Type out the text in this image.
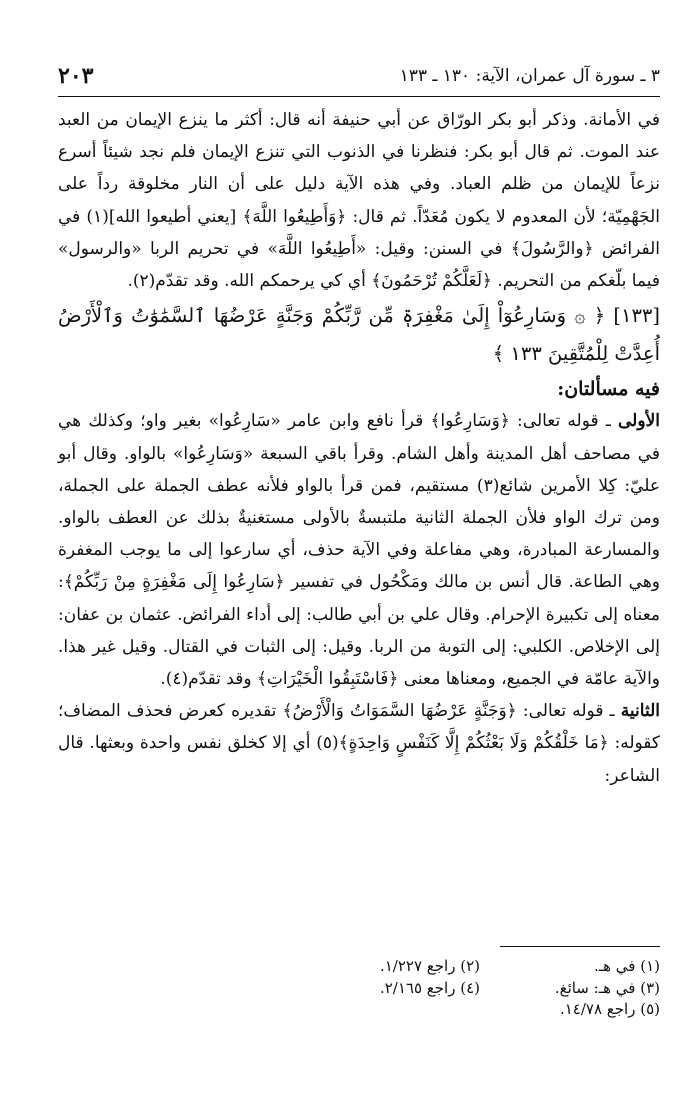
٣ ـ سورة آل عمران، الآية: ١٣٠ ـ ١٣٣
٢٠٣

في الأمانة. وذكر أبو بكر الورّاق عن أبي حنيفة أنه قال: أكثر ما ينزع الإيمان من العبد عند الموت. ثم قال أبو بكر: فنظرنا في الذنوب التي تنزع الإيمان فلم نجد شيئاً أسرع نزعاً للإيمان من ظلم العباد. وفي هذه الآية دليل على أن النار مخلوقة رداً على الجَهْمِيّة؛ لأن المعدوم لا يكون مُعَدّاً. ثم قال: ﴿وَأَطِيعُوا اللَّهَ﴾ [يعني أطيعوا الله](١) في الفرائض ﴿والرَّسُولَ﴾ في السنن: وقيل: «أَطِيعُوا اللَّهَ» في تحريم الربا «والرسول» فيما بلّغكم من التحريم. ﴿لَعَلَّكُمْ تُرْحَمُونَ﴾ أي كي يرحمكم الله. وقد تقدّم(٢).

[١٣٣] ﴿ ۞ وَسَارِعُوٓاْ إِلَىٰ مَغْفِرَةٖ مِّن رَّبِّكُمْ وَجَنَّةٍ عَرْضُهَا ٱلسَّمَٰوَٰتُ وَٱلْأَرْضُ أُعِدَّتْ لِلْمُتَّقِينَ ١٣٣ ﴾

فيه مسألتان:

الأولى ـ قوله تعالى: ﴿وَسَارِعُوا﴾ قرأ نافع وابن عامر «سَارِعُوا» بغير واو؛ وكذلك هي في مصاحف أهل المدينة وأهل الشام. وقرأ باقي السبعة «وَسَارِعُوا» بالواو. وقال أبو عليّ: كِلا الأمرين شائع(٣) مستقيم، فمن قرأ بالواو فلأنه عطف الجملة على الجملة، ومن ترك الواو فلأن الجملة الثانية ملتبسةٌ بالأولى مستغنيةٌ بذلك عن العطف بالواو. والمسارعة المبادرة، وهي مفاعلة وفي الآية حذف، أي سارعوا إلى ما يوجب المغفرة وهي الطاعة. قال أنس بن مالك ومَكْحُول في تفسير ﴿سَارِعُوا إِلَى مَغْفِرَةٍ مِنْ رَبِّكُمْ﴾: معناه إلى تكبيرة الإحرام. وقال علي بن أبي طالب: إلى أداء الفرائض. عثمان بن عفان: إلى الإخلاص. الكلبي: إلى التوبة من الربا. وقيل: إلى الثبات في القتال. وقيل غير هذا. والآية عامّة في الجميع، ومعناها معنى ﴿فَاسْتَبِقُوا الْخَيْرَاتِ﴾ وقد تقدّم(٤).

الثانية ـ قوله تعالى: ﴿وَجَنَّةٍ عَرْضُهَا السَّمَوَاتُ وَالْأَرْضُ﴾ تقديره كعرض فحذف المضاف؛ كقوله: ﴿مَا خَلْقُكُمْ وَلَا بَعْثُكُمْ إِلَّا كَنَفْسٍ وَاحِدَةٍ﴾(٥) أي إلا كخلق نفس واحدة وبعثها. قال الشاعر:

(١) في هـ.
(٢) راجع ١/٢٢٧.
(٣) في هـ: سائغ.
(٤) راجع ٢/١٦٥.
(٥) راجع ١٤/٧٨.
